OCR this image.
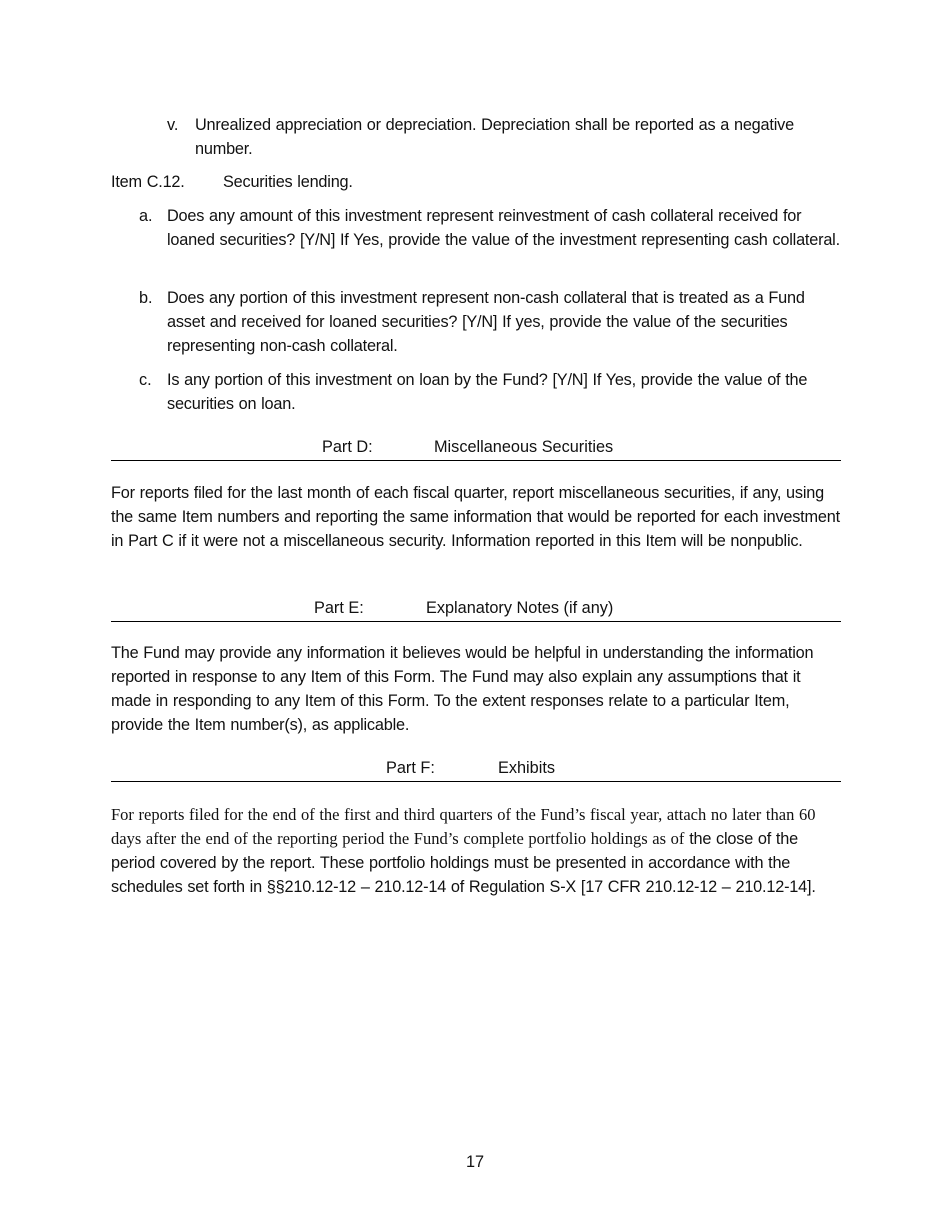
v. Unrealized appreciation or depreciation. Depreciation shall be reported as a negative number.
Item C.12. Securities lending.
a. Does any amount of this investment represent reinvestment of cash collateral received for loaned securities? [Y/N] If Yes, provide the value of the investment representing cash collateral.
b. Does any portion of this investment represent non-cash collateral that is treated as a Fund asset and received for loaned securities? [Y/N] If yes, provide the value of the securities representing non-cash collateral.
c. Is any portion of this investment on loan by the Fund? [Y/N] If Yes, provide the value of the securities on loan.
Part D:	Miscellaneous Securities
For reports filed for the last month of each fiscal quarter, report miscellaneous securities, if any, using the same Item numbers and reporting the same information that would be reported for each investment in Part C if it were not a miscellaneous security. Information reported in this Item will be nonpublic.
Part E:	Explanatory Notes (if any)
The Fund may provide any information it believes would be helpful in understanding the information reported in response to any Item of this Form. The Fund may also explain any assumptions that it made in responding to any Item of this Form. To the extent responses relate to a particular Item, provide the Item number(s), as applicable.
Part F:	Exhibits
For reports filed for the end of the first and third quarters of the Fund’s fiscal year, attach no later than 60 days after the end of the reporting period the Fund’s complete portfolio holdings as of the close of the period covered by the report. These portfolio holdings must be presented in accordance with the schedules set forth in §§210.12-12 – 210.12-14 of Regulation S-X [17 CFR 210.12-12 – 210.12-14].
17
